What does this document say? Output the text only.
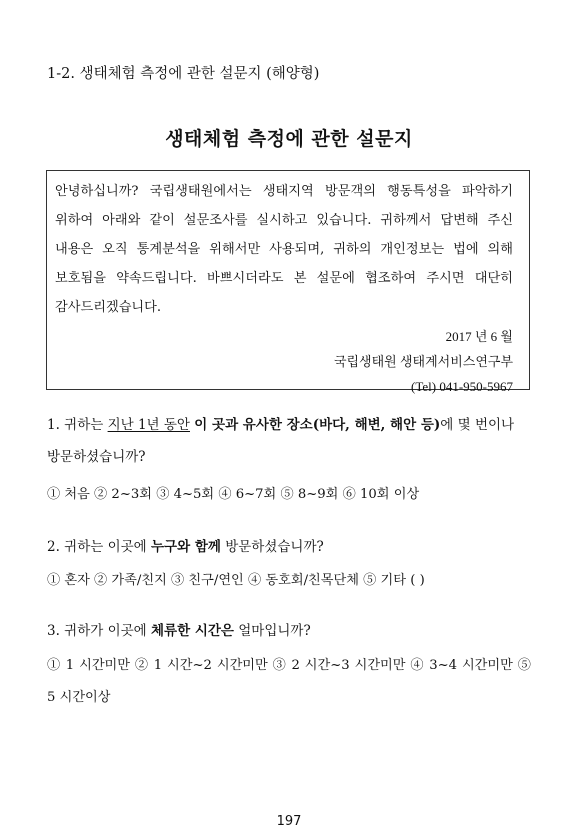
1-2. 생태체험 측정에 관한 설문지 (해양형)
생태체험 측정에 관한 설문지
안녕하십니까? 국립생태원에서는 생태지역 방문객의 행동특성을 파악하기
위하여 아래와 같이 설문조사를 실시하고 있습니다. 귀하께서 답변해 주신
내용은 오직 통계분석을 위해서만 사용되며, 귀하의 개인정보는 법에 의해
보호됨을 약속드립니다. 바쁘시더라도 본 설문에 협조하여 주시면 대단히
감사드리겠습니다.
2017 년 6 월
국립생태원 생태계서비스연구부
(Tel) 041-950-5967
1. 귀하는 지난 1년 동안 이 곳과 유사한 장소(바다, 해변, 해안 등)에 몇 번이나
방문하셨습니까?
① 처음 ② 2~3회 ③ 4~5회 ④ 6~7회 ⑤ 8~9회 ⑥ 10회 이상
2. 귀하는 이곳에 누구와 함께 방문하셨습니까?
① 혼자 ② 가족/친지 ③ 친구/연인 ④ 동호회/친목단체 ⑤ 기타 ( )
3. 귀하가 이곳에 체류한 시간은 얼마입니까?
① 1 시간미만 ② 1 시간~2 시간미만 ③ 2 시간~3 시간미만 ④ 3~4 시간미만 ⑤
5 시간이상
197
